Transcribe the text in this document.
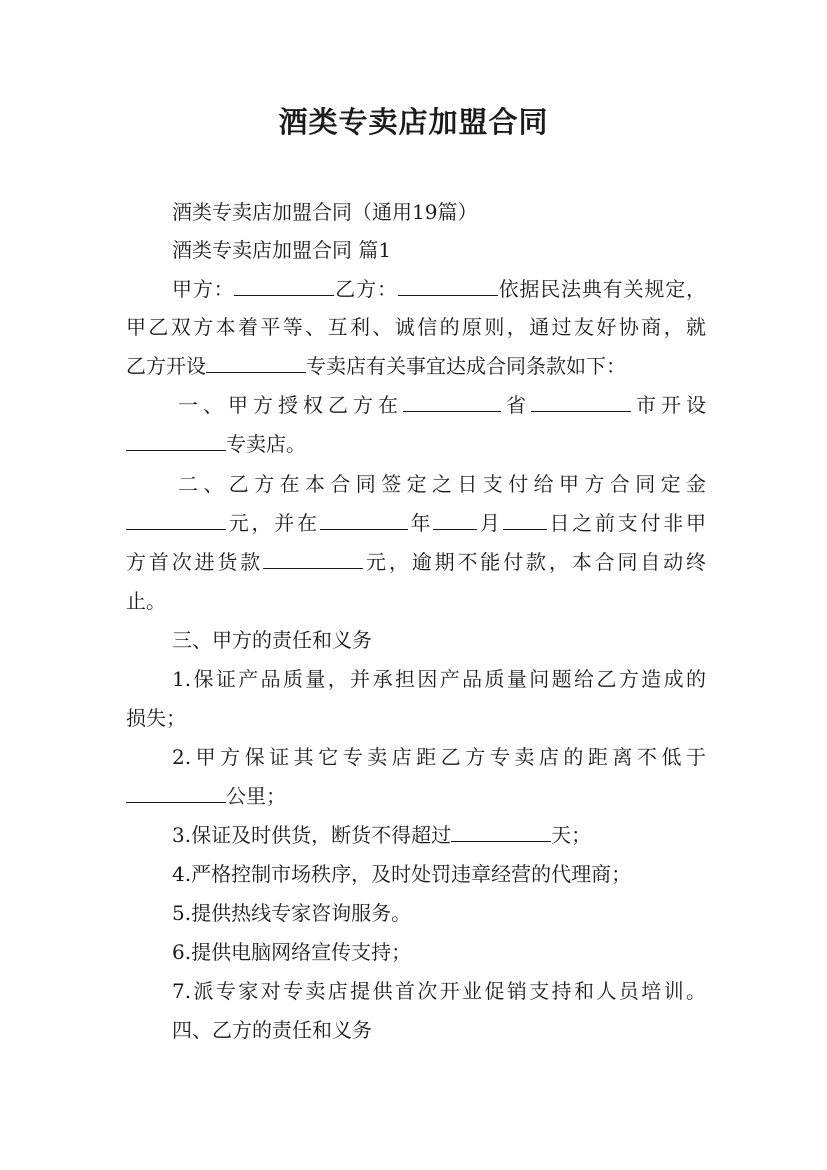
酒类专卖店加盟合同
酒类专卖店加盟合同（通用19篇）
酒类专卖店加盟合同 篇1
甲方：	乙方：	依据民法典有关规定，
甲乙双方本着平等、互利、诚信的原则，通过友好协商，就
乙方开设	专卖店有关事宜达成合同条款如下：
一、甲方授权乙方在	省	市开设
专卖店。
二、乙方在本合同签定之日支付给甲方合同定金
元，并在	年 月 日之前支付非甲
方首次进货款	元，逾期不能付款，本合同自动终
止。
三、甲方的责任和义务
1.保证产品质量，并承担因产品质量问题给乙方造成的
损失；
2.甲方保证其它专卖店距乙方专卖店的距离不低于
公里；
3.保证及时供货，断货不得超过	天；
4.严格控制市场秩序，及时处罚违章经营的代理商；
5.提供热线专家咨询服务。
6.提供电脑网络宣传支持；
7.派专家对专卖店提供首次开业促销支持和人员培训。
四、乙方的责任和义务
